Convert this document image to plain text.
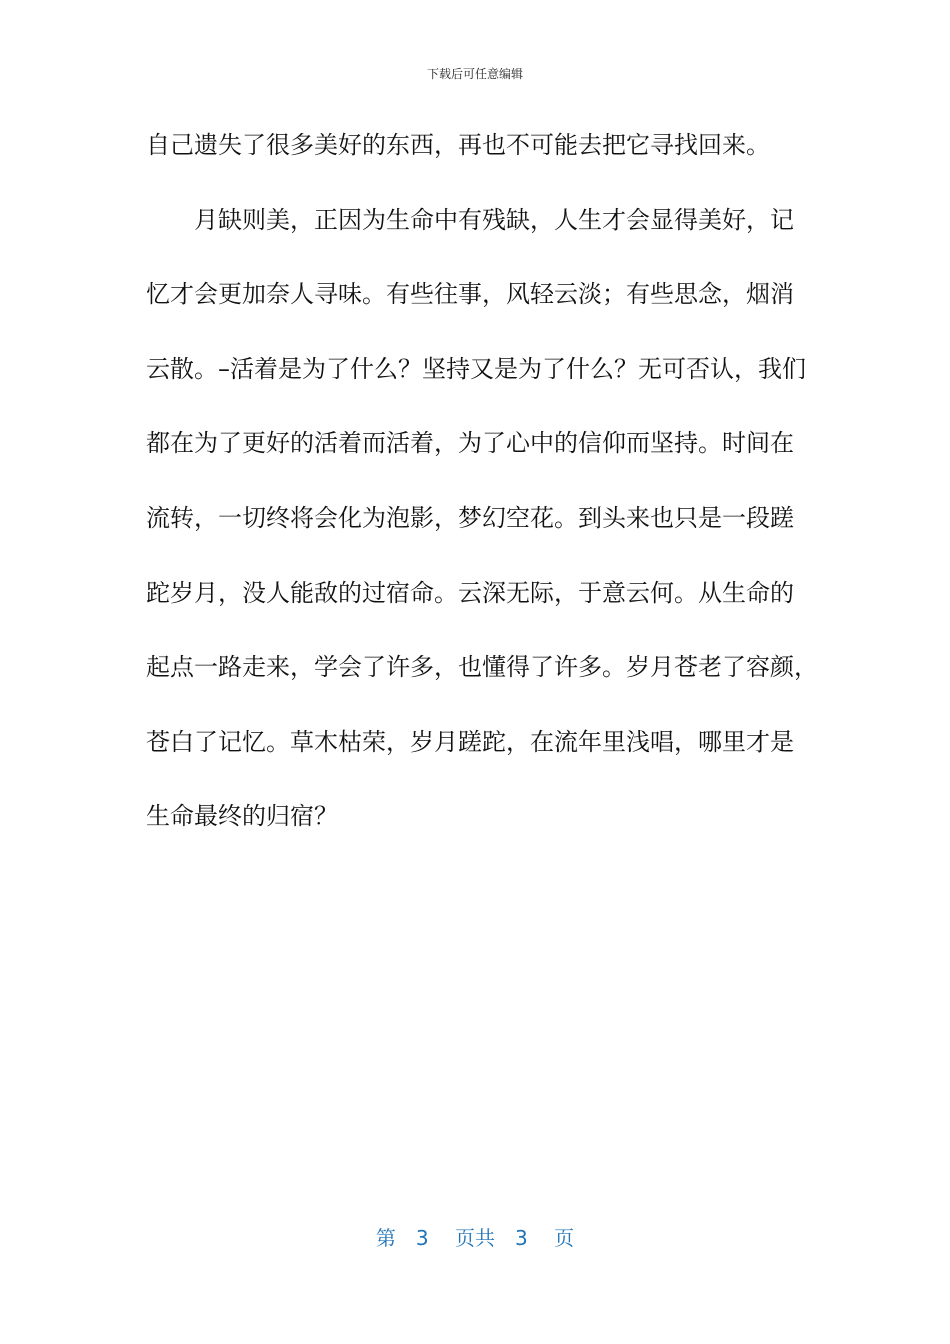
下载后可任意编辑
自己遗失了很多美好的东西，再也不可能去把它寻找回来。
　　月缺则美，正因为生命中有残缺，人生才会显得美好，记
忆才会更加奈人寻味。有些往事，风轻云淡；有些思念，烟消
云散。–活着是为了什么？坚持又是为了什么？无可否认，我们
都在为了更好的活着而活着，为了心中的信仰而坚持。时间在
流转，一切终将会化为泡影，梦幻空花。到头来也只是一段蹉
跎岁月，没人能敌的过宿命。云深无际，于意云何。从生命的
起点一路走来，学会了许多，也懂得了许多。岁月苍老了容颜，
苍白了记忆。草木枯荣，岁月蹉跎，在流年里浅唱，哪里才是
生命最终的归宿？
第　3　 页共　3　 页
